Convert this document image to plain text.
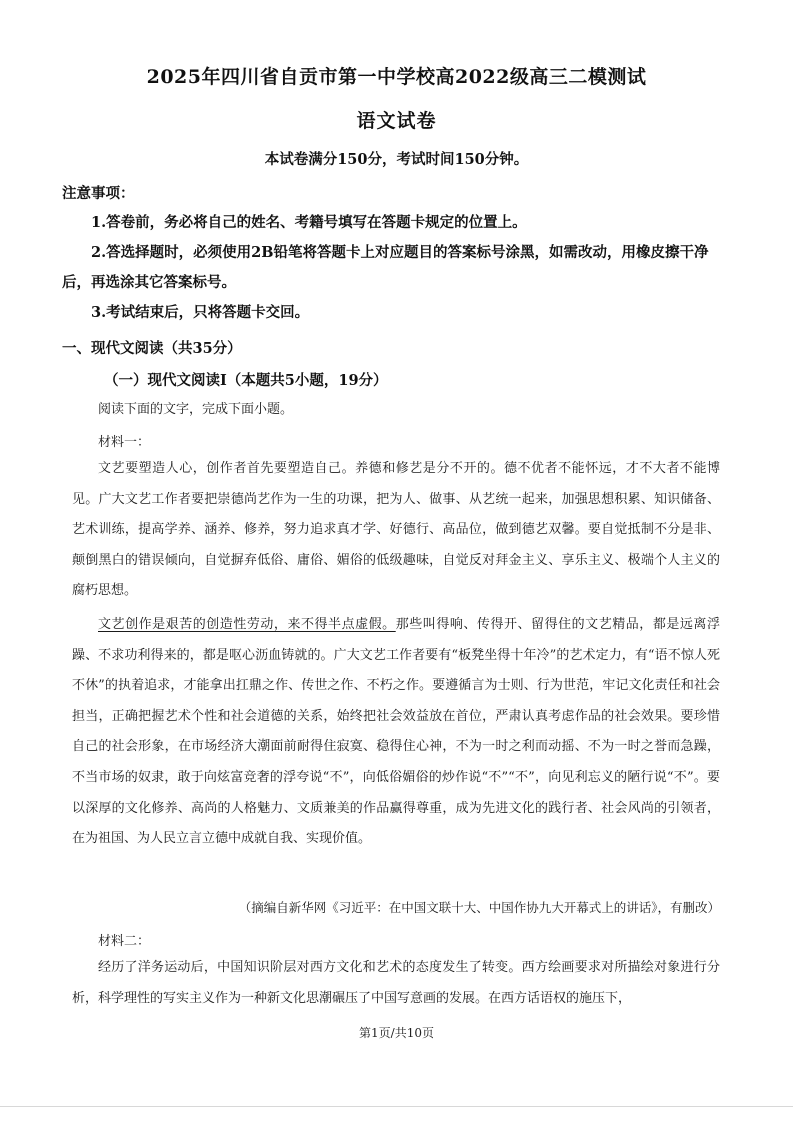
2025年四川省自贡市第一中学校高2022级高三二模测试
语文试卷
本试卷满分150分，考试时间150分钟。
注意事项：

1.答卷前，务必将自己的姓名、考籍号填写在答题卡规定的位置上。

2.答选择题时，必须使用2B铅笔将答题卡上对应题目的答案标号涂黑，如需改动，用橡皮擦干净后，再选涂其它答案标号。

3.考试结束后，只将答题卡交回。

一、现代文阅读（共35分）
（一）现代文阅读Ⅰ（本题共5小题，19分）
阅读下面的文字，完成下面小题。
材料一：

文艺要塑造人心，创作者首先要塑造自己。养德和修艺是分不开的。德不优者不能怀远，才不大者不能博见。广大文艺工作者要把崇德尚艺作为一生的功课，把为人、做事、从艺统一起来，加强思想积累、知识储备、艺术训练，提高学养、涵养、修养，努力追求真才学、好德行、高品位，做到德艺双馨。要自觉抵制不分是非、颠倒黑白的错误倾向，自觉摒弃低俗、庸俗、媚俗的低级趣味，自觉反对拜金主义、享乐主义、极端个人主义的腐朽思想。

文艺创作是艰苦的创造性劳动，来不得半点虚假。那些叫得响、传得开、留得住的文艺精品，都是远离浮躁、不求功利得来的，都是呕心沥血铸就的。广大文艺工作者要有“板凳坐得十年冷”的艺术定力，有“语不惊人死不休”的执着追求，才能拿出扛鼎之作、传世之作、不朽之作。要遵循言为士则、行为世范，牢记文化责任和社会担当，正确把握艺术个性和社会道德的关系，始终把社会效益放在首位，严肃认真考虑作品的社会效果。要珍惜自己的社会形象，在市场经济大潮面前耐得住寂寞、稳得住心神，不为一时之利而动摇、不为一时之誉而急躁，不当市场的奴隶，敢于向炫富竞奢的浮夸说“不”，向低俗媚俗的炒作说“不”“不”，向见利忘义的陋行说“不”。要以深厚的文化修养、高尚的人格魅力、文质兼美的作品赢得尊重，成为先进文化的践行者、社会风尚的引领者，在为祖国、为人民立言立德中成就自我、实现价值。

（摘编自新华网《习近平：在中国文联十大、中国作协九大开幕式上的讲话》，有删改）
材料二：

经历了洋务运动后，中国知识阶层对西方文化和艺术的态度发生了转变。西方绘画要求对所描绘对象进行分析，科学理性的写实主义作为一种新文化思潮碾压了中国写意画的发展。在西方话语权的施压下，

第1页/共10页
